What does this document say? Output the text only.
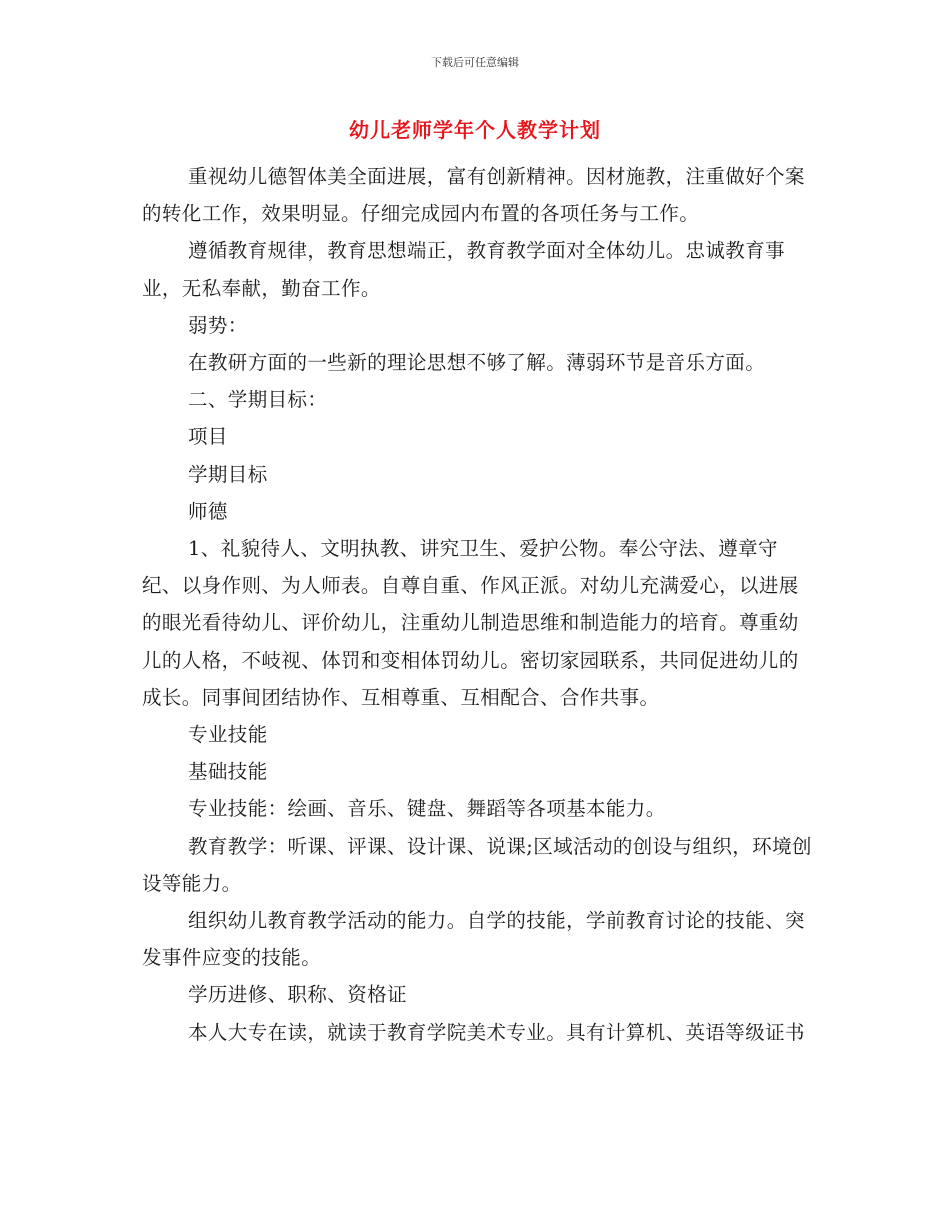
下载后可任意编辑
幼儿老师学年个人教学计划

重视幼儿德智体美全面进展，富有创新精神。因材施教，注重做好个案的转化工作，效果明显。仔细完成园内布置的各项任务与工作。

遵循教育规律，教育思想端正，教育教学面对全体幼儿。忠诚教育事业，无私奉献，勤奋工作。

弱势：

在教研方面的一些新的理论思想不够了解。薄弱环节是音乐方面。

二、学期目标：

项目

学期目标

师德

1、礼貌待人、文明执教、讲究卫生、爱护公物。奉公守法、遵章守纪、以身作则、为人师表。自尊自重、作风正派。对幼儿充满爱心，以进展的眼光看待幼儿、评价幼儿，注重幼儿制造思维和制造能力的培育。尊重幼儿的人格，不岐视、体罚和变相体罚幼儿。密切家园联系，共同促进幼儿的成长。同事间团结协作、互相尊重、互相配合、合作共事。

专业技能

基础技能

专业技能：绘画、音乐、键盘、舞蹈等各项基本能力。

教育教学：听课、评课、设计课、说课;区域活动的创设与组织，环境创设等能力。

组织幼儿教育教学活动的能力。自学的技能，学前教育讨论的技能、突发事件应变的技能。

学历进修、职称、资格证

本人大专在读，就读于教育学院美术专业。具有计算机、英语等级证书
